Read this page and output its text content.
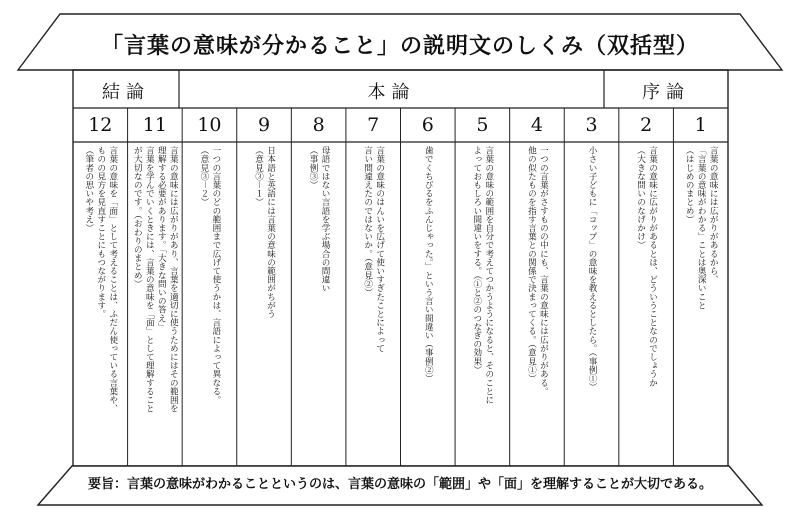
「言葉の意味が分かること」の説明文のしくみ（双括型）
結論	本論	序論
12
言葉の意味を「面」として考えることは、ふだん使っている言葉や、
ものの見方を見直すことにもつながります。
（筆者の思いや考え）
11
言葉の意味には広がりがあり、言葉を適切に使うためにはその範囲を
理解する必要があります。「大きな問いの答え」
言葉を学んでいくときには、言葉の意味を「面」として理解すること
が大切なのです。（おわりのまとめ）
10
一つの言葉のどの範囲まで広げて使うかは、言語によって異なる。
（意見③－２）
9
日本語と英語には言葉の意味の範囲がちがう
（意見③－１）
8
母語ではない言語を学ぶ場合の間違い
（事例③）
7
言葉の意味のはんいを広げて使いすぎたことによって
言い間違えたのではないか。（意見②）
6
歯でくちびるをふんじゃった。」という言い間違い（事例②）
5
言葉の意味の範囲を自分で考えてつかうようになると、そのことに
よっておもしろい間違いをする。（①と②のつなぎの効果）
4
一つの言葉がさすものの中にも、言葉の意味には広がりがある。
他の似たものを指す言葉との関係で決まってくる。（意見①）
3
小さい子どもに「コップ」の意味を教えるとしたら。（事例①）
2
言葉の意味に広がりがあるとは、どういうことなのでしょうか
（大きな問いのなげかけ）
1
言葉の意味には広がりがあるから、
「言葉の意味がわかる」ことは奥深いこと
（はじめのまとめ）
要旨：言葉の意味がわかることというのは、言葉の意味の「範囲」や「面」を理解することが大切である。
